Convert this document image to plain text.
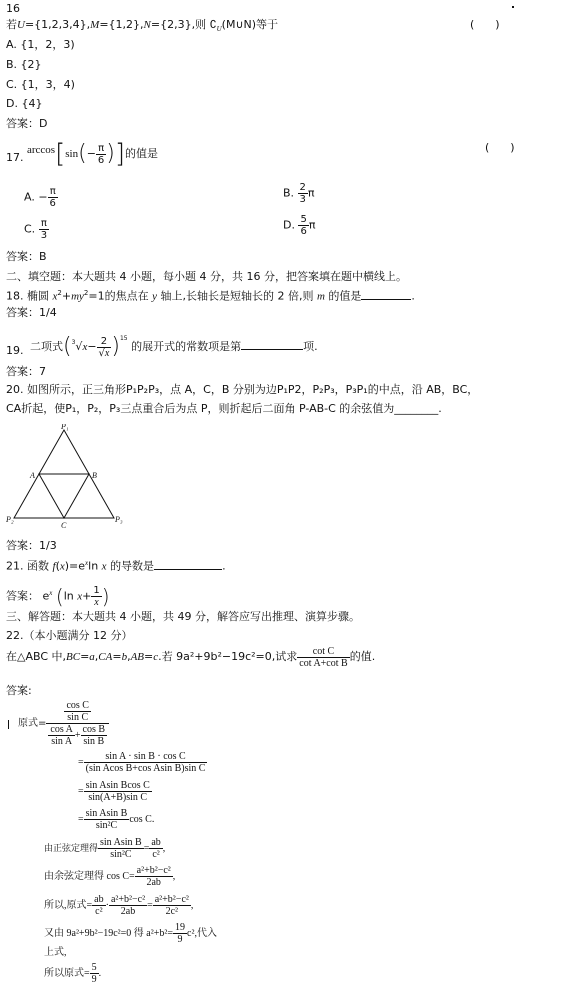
16
若U={1,2,3,4},M={1,2},N={2,3},则 $∁_U(M\cup N)$等于	(      )
A. {1，2，3)
B. {2}
C. {1，3，4)
D. {4}
答案：D
17. $\arccos[\sin(- \frac{\pi}{6}$ )]的值是	(      )
A. − $\frac{\pi}{6}$	B. $\frac{2}{3}$ π
C. $\frac{\pi}{3}$	D. $\frac{5}{6}$ π
答案：B
二、填空题：本大题共 4 小题，每小题 4 分，共 16 分，把答案填在题中横线上。
18. 椭圆 $x^2+my^2=1$的焦点在 y 轴上,长轴长是短轴长的 2 倍,则 m 的值是	.
答案：1/4
二项式$(^3√x- \frac{2}{√x} )^{15}$ 的展开式的常数项是第	项.
19.
答案：7
20. 如图所示，正三角形P₁P₂P₃，点 A，C，B 分别为边P₁P2，P₂P₃，P₃P₁的中点，沿 AB，BC，
CA折起，使P₁，P₂，P₃三点重合后为点 P，则折起后二面角 P-AB-C 的余弦值为________.
P₁
A	B
P₂
C
P₃
答案：1/3
21. 函数 $f(x)=e^x\ln$ x 的导数是	.
答案： $e^x$ (ln $x+ \frac{1}{x}$ )
三、解答题：本大题共 4 小题，共 49 分，解答应写出推理、演算步骤。
22.（本小题满分 12 分）
在△ABC 中,BC=a,CA=b,AB=c.若 9a²+9b²−19c²=0,试求 $\frac{\text{cot C}}{\text{cot A+cot B}}$ 的值.
答案:
原式= $\frac{\frac{\text{cos C}}{\text{sin C}}}{\frac{\text{cos A}}{\text{sin A}} + \frac{\text{cos B}}{\text{sin B}}}$
= $\frac{\text{sin A · sin B · cos C}}{\text{(sin Acos B+cos Asin B)sin C}}$
= $\frac{\text{sin Asin Bcos C}}{\text{sin(A+B)sin C}}$
= $\frac{\text{sin Asin B}}{\text{sin²C}}$ cos C.
由正弦定理得 $\frac{\text{sin Asin B}}{\text{sin²C}} = \frac{ab}{\text{c²}}$ ,
由余弦定理得 $\cos C= \frac{\text{a²+b²−c²}}{2ab}$ ,
所以,原式= $\frac{ab}{\text{c²}} \cdot \frac{\text{a²+b²−c²}}{2ab} = \frac{\text{a²+b²−c²}}{\text{2c²}}$ ,
又由 9a²+9b²−19c²=0 得 $a^2+b^2= \frac{19}{9} c^2$,代入
上式,
所以原式= $\frac{5}{9}$ .
